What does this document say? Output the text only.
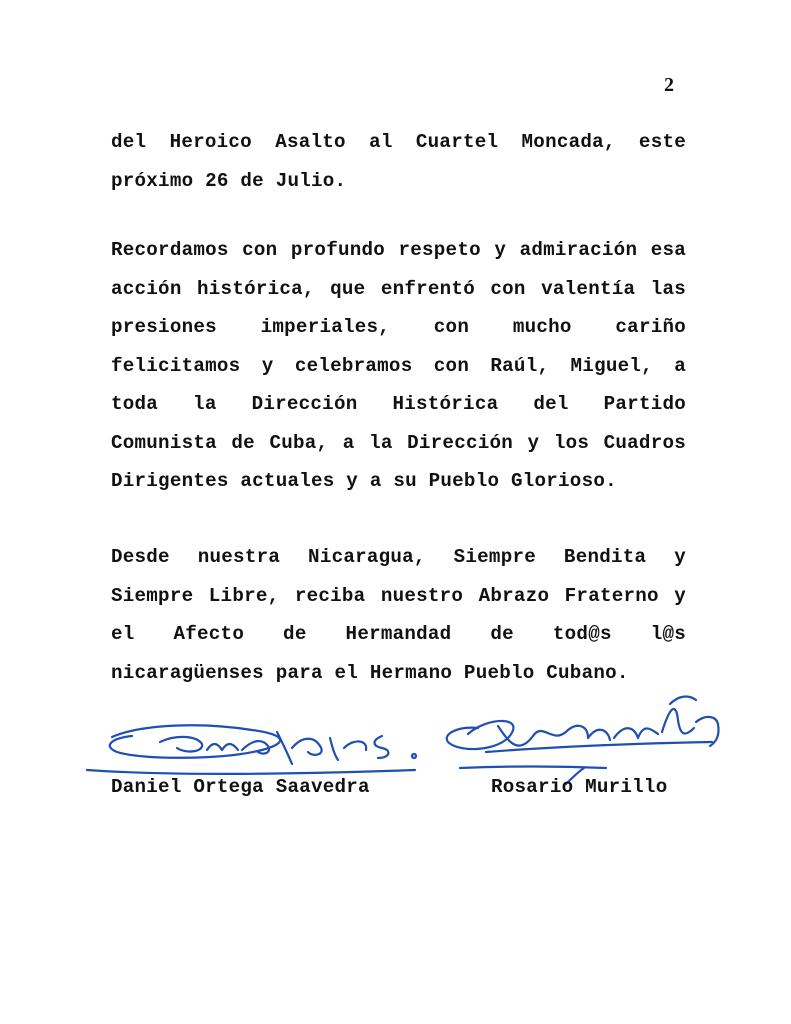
2

del Heroico Asalto al Cuartel Moncada, este próximo 26 de Julio.

Recordamos con profundo respeto y admiración esa acción histórica, que enfrentó con valentía las presiones imperiales, con mucho cariño felicitamos y celebramos con Raúl, Miguel, a toda la Dirección Histórica del Partido Comunista de Cuba, a la Dirección y los Cuadros Dirigentes actuales y a su Pueblo Glorioso.

Desde nuestra Nicaragua, Siempre Bendita y Siempre Libre, reciba nuestro Abrazo Fraterno y el Afecto de Hermandad de tod@s l@s nicaragüenses para el Hermano Pueblo Cubano.

Daniel Ortega Saavedra	Rosario Murillo
